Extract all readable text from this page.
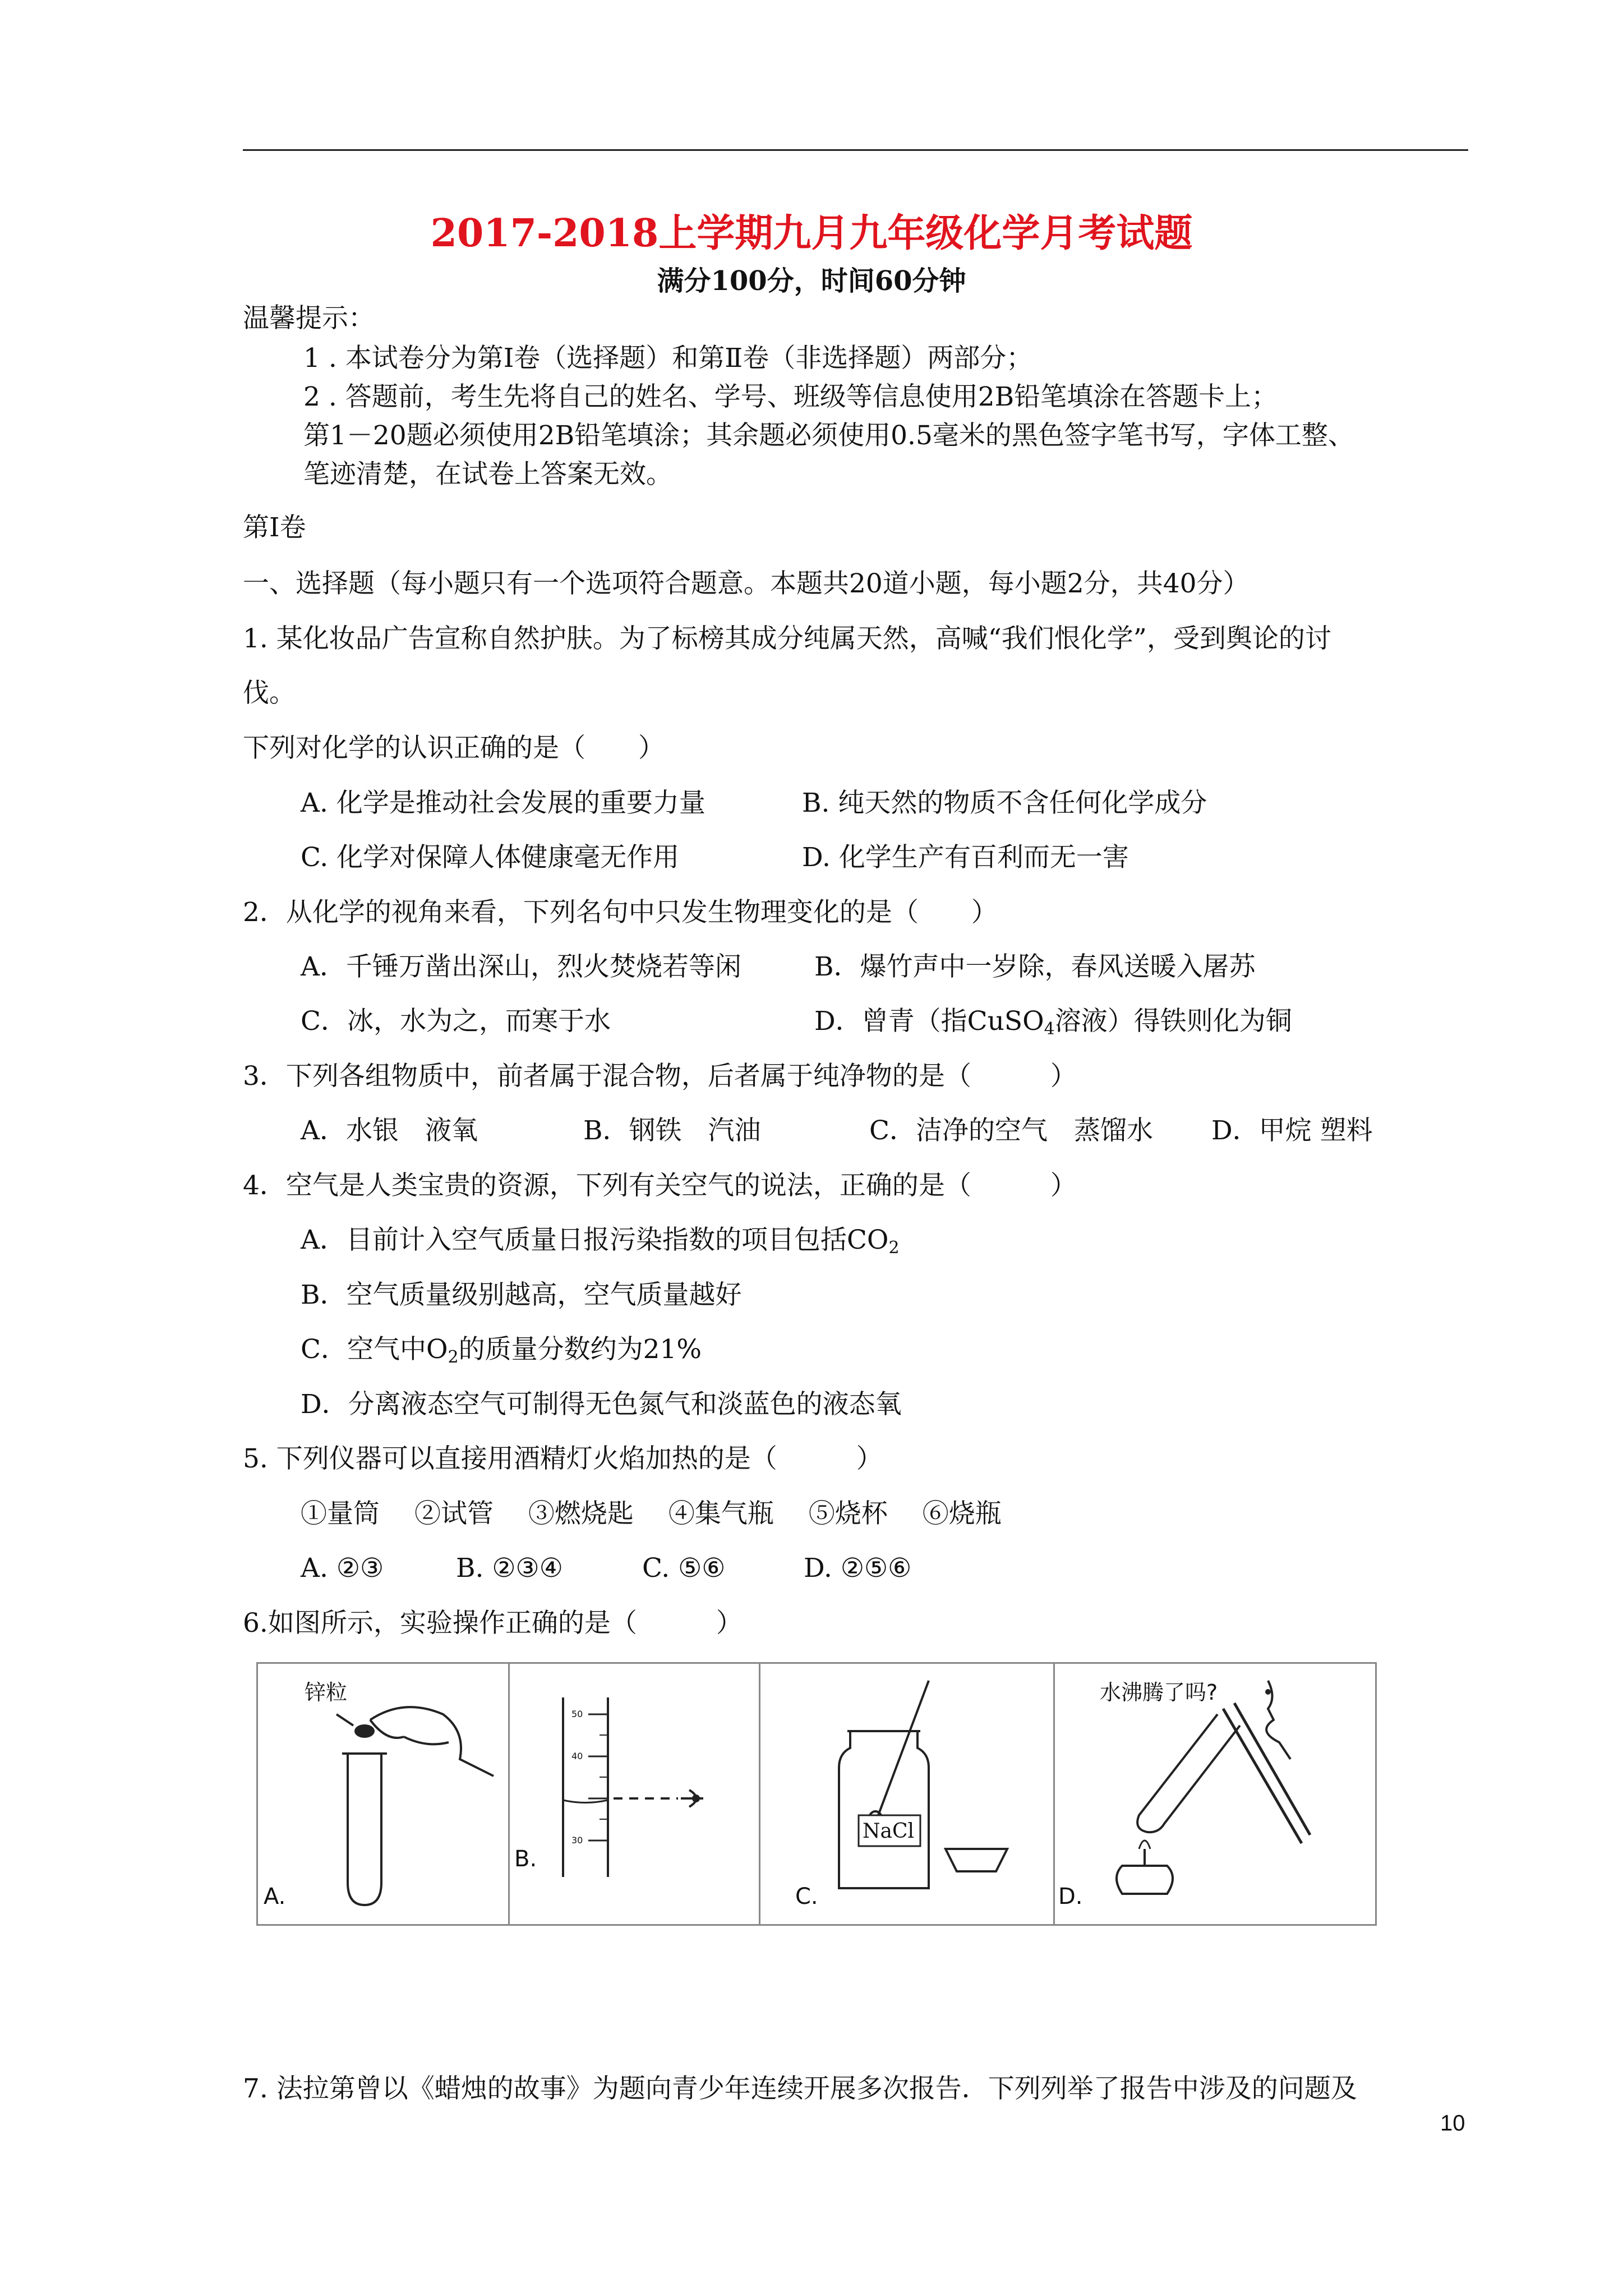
2017-2018上学期九月九年级化学月考试题
满分100分，时间60分钟
温馨提示：
1 . 本试卷分为第Ⅰ卷（选择题）和第Ⅱ卷（非选择题）两部分；
2 . 答题前，考生先将自己的姓名、学号、班级等信息使用2B铅笔填涂在答题卡上；
第1－20题必须使用2B铅笔填涂；其余题必须使用0.5毫米的黑色签字笔书写，字体工整、
笔迹清楚，在试卷上答案无效。
第Ⅰ卷
一、选择题（每小题只有一个选项符合题意。本题共20道小题，每小题2分，共40分）
1. 某化妆品广告宣称自然护肤。为了标榜其成分纯属天然，高喊“我们恨化学”，受到舆论的讨
伐。
下列对化学的认识正确的是（　　）
A. 化学是推动社会发展的重要力量	B. 纯天然的物质不含任何化学成分
C. 化学对保障人体健康毫无作用	D. 化学生产有百利而无一害
2．从化学的视角来看，下列名句中只发生物理变化的是（　　）
A．千锤万凿出深山，烈火焚烧若等闲	B．爆竹声中一岁除，春风送暖入屠苏
C．冰，水为之，而寒于水	D．曾青（指CuSO$_4$溶液）得铁则化为铜
3．下列各组物质中，前者属于混合物，后者属于纯净物的是（　　　）
A．水银　液氧	B．钢铁　汽油	C．洁净的空气　蒸馏水 D．甲烷 塑料
4．空气是人类宝贵的资源，下列有关空气的说法，正确的是（　　　）
A．目前计入空气质量日报污染指数的项目包括$CO_2$
B．空气质量级别越高，空气质量越好
C．空气中$O_2$的质量分数约为21%
D．分离液态空气可制得无色氮气和淡蓝色的液态氧
5. 下列仪器可以直接用酒精灯火焰加热的是（　　　）
①量筒　 ②试管　 ③燃烧匙　 ④集气瓶　 ⑤烧杯　 ⑥烧瓶
A. ②③	B. ②③④	C. ⑤⑥	D. ②⑤⑥
6.如图所示，实验操作正确的是（　　　）
锌粒
A.
50
40
30
B.
NaCl
C.
水沸腾了吗?
D.
7. 法拉第曾以《蜡烛的故事》为题向青少年连续开展多次报告．下列列举了报告中涉及的问题及
10
